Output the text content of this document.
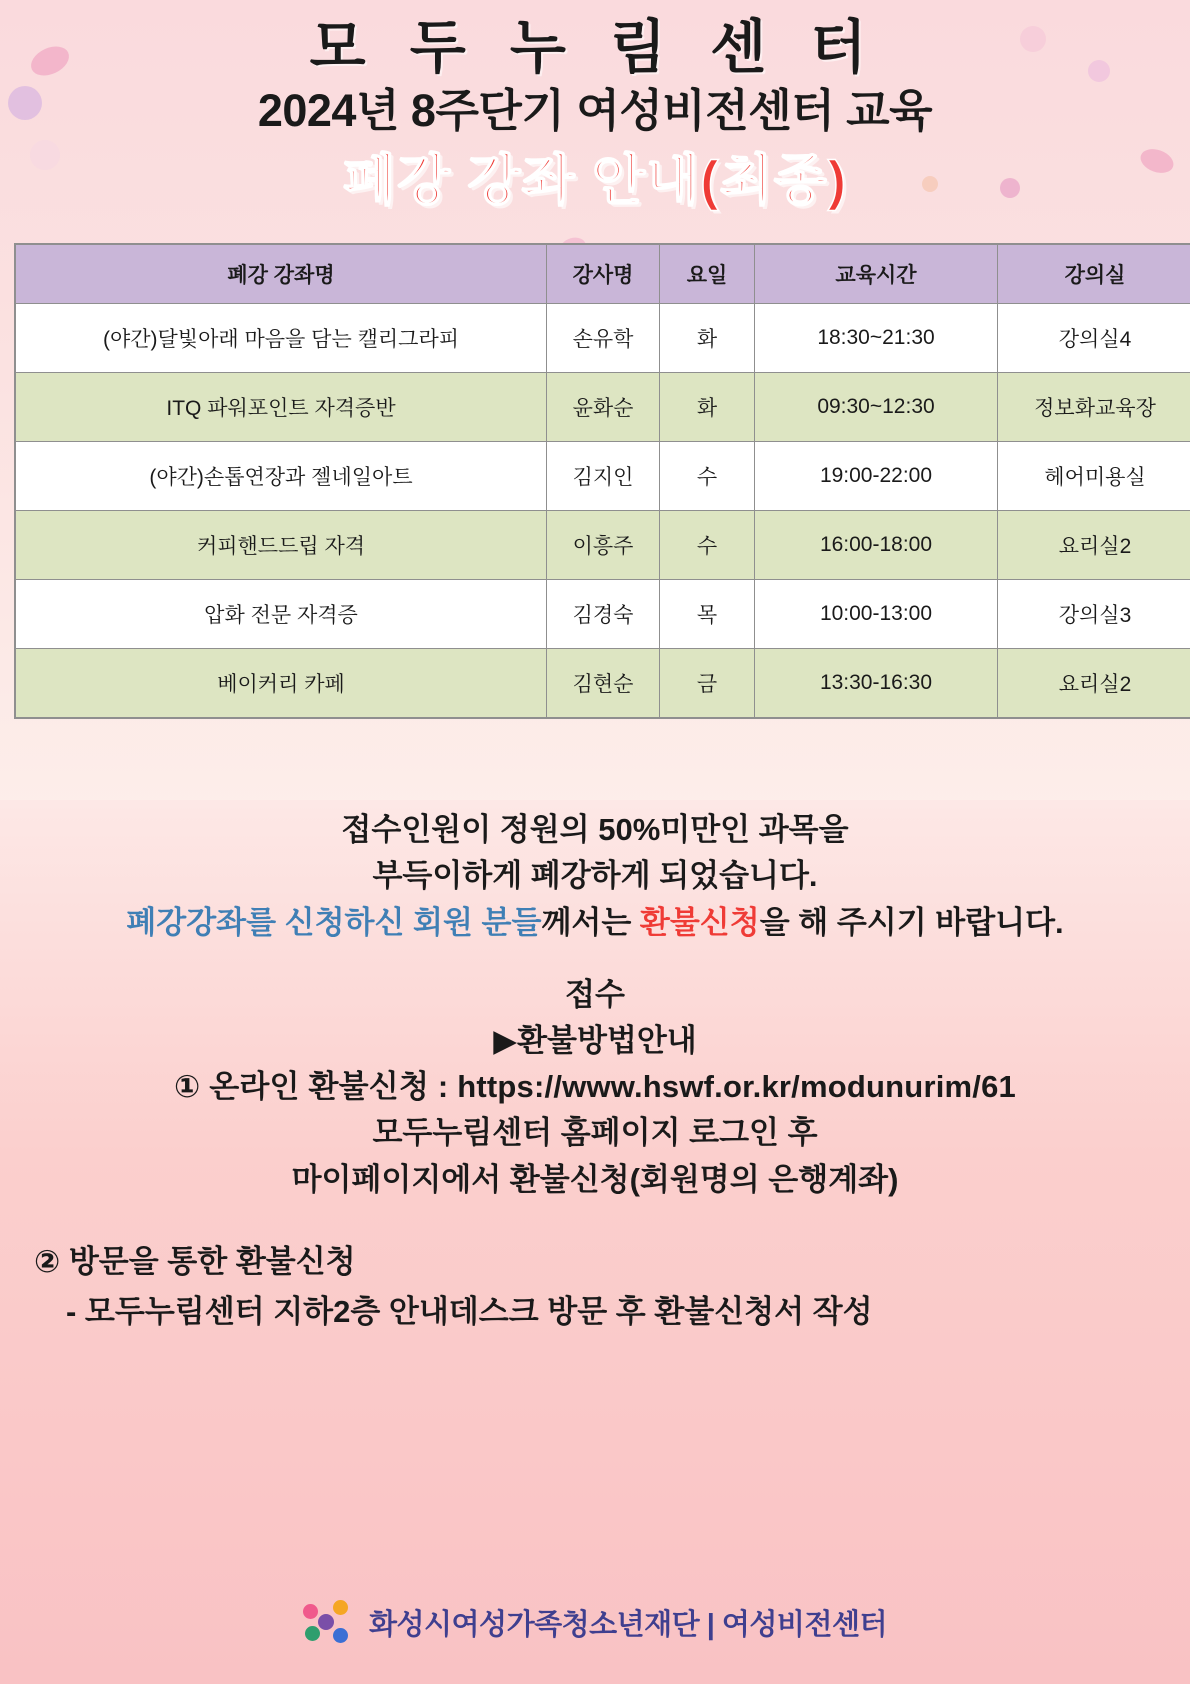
모 두 누 림 센 터
2024년 8주단기 여성비전센터 교육
폐강 강좌 안내(최종)
폐강 강좌명	강사명	요일	교육시간	강의실
(야간)달빛아래 마음을 담는 캘리그라피	손유학	화	18:30~21:30	강의실4
ITQ 파워포인트 자격증반	윤화순	화	09:30~12:30	정보화교육장
(야간)손톱연장과 젤네일아트	김지인	수	19:00-22:00	헤어미용실
커피핸드드립 자격	이흥주	수	16:00-18:00	요리실2
압화 전문 자격증	김경숙	목	10:00-13:00	강의실3
베이커리 카페	김현순	금	13:30-16:30	요리실2
접수인원이 정원의 50%미만인 과목을
부득이하게 폐강하게 되었습니다.
폐강강좌를 신청하신 회원 분들께서는 환불신청을 해 주시기 바랍니다.
접수
▶환불방법안내
① 온라인 환불신청 : https://www.hswf.or.kr/modunurim/61
모두누림센터 홈페이지 로그인 후
마이페이지에서 환불신청(회원명의 은행계좌)
② 방문을 통한 환불신청
- 모두누림센터 지하2층 안내데스크 방문 후 환불신청서 작성
화성시여성가족청소년재단 | 여성비전센터
